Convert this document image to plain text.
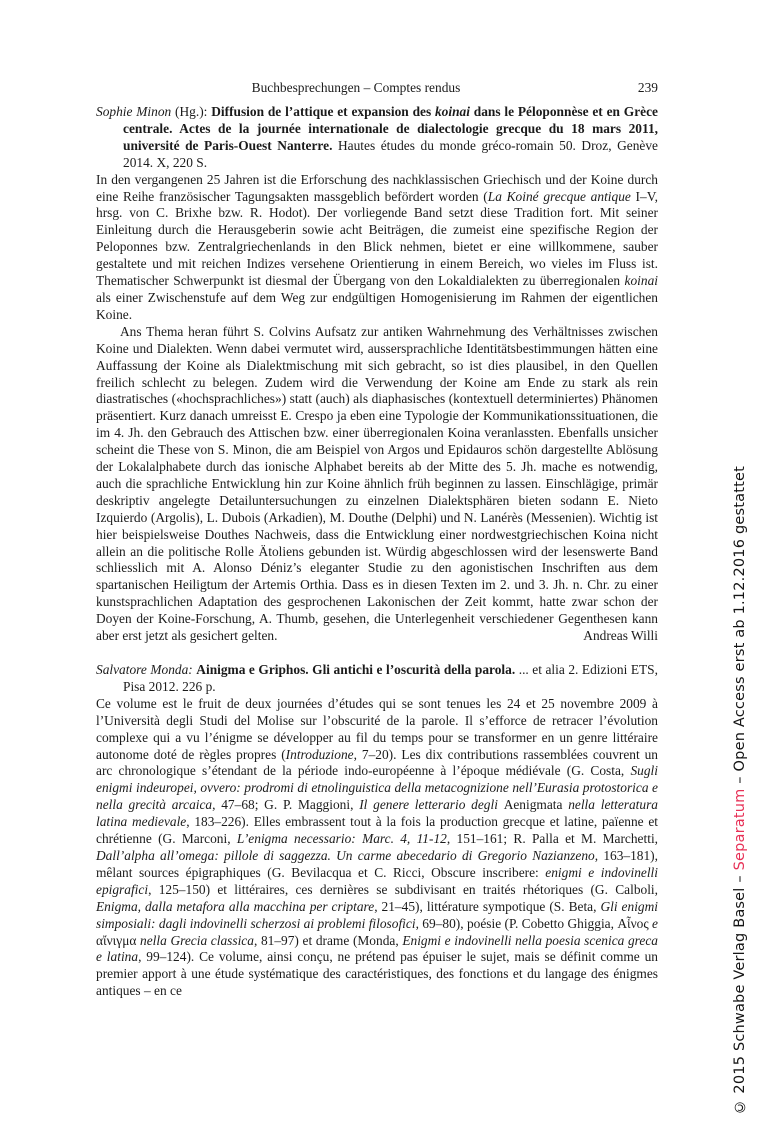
Buchbesprechungen – Comptes rendus	239
Sophie Minon (Hg.): Diffusion de l’attique et expansion des koinai dans le Péloponnèse et en Grèce centrale. Actes de la journée internationale de dialectologie grecque du 18 mars 2011, université de Paris-Ouest Nanterre. Hautes études du monde gréco-romain 50. Droz, Genève 2014. X, 220 S.

In den vergangenen 25 Jahren ist die Erforschung des nachklassischen Griechisch und der Koine durch eine Reihe französischer Tagungsakten massgeblich befördert worden (La Koiné grecque antique I–V, hrsg. von C. Brixhe bzw. R. Hodot). Der vorliegende Band setzt diese Tradition fort. Mit seiner Einleitung durch die Herausgeberin sowie acht Beiträgen, die zumeist eine spezifische Region der Peloponnes bzw. Zentralgriechenlands in den Blick nehmen, bietet er eine willkommene, sauber gestaltete und mit reichen Indizes versehene Orientierung in einem Bereich, wo vieles im Fluss ist. Thematischer Schwerpunkt ist diesmal der Übergang von den Lokaldialekten zu überregionalen koinai als einer Zwischenstufe auf dem Weg zur endgültigen Homogenisierung im Rahmen der eigentlichen Koine.

Ans Thema heran führt S. Colvins Aufsatz zur antiken Wahrnehmung des Verhältnisses zwischen Koine und Dialekten. Wenn dabei vermutet wird, aussersprachliche Identitätsbestimmungen hätten eine Auffassung der Koine als Dialektmischung mit sich gebracht, so ist dies plausibel, in den Quellen freilich schlecht zu belegen. Zudem wird die Verwendung der Koine am Ende zu stark als rein diastratisches («hochsprachliches») statt (auch) als diaphasisches (kontextuell determiniertes) Phänomen präsentiert. Kurz danach umreisst E. Crespo ja eben eine Typologie der Kommunikationssituationen, die im 4. Jh. den Gebrauch des Attischen bzw. einer überregionalen Koina veranlassten. Ebenfalls unsicher scheint die These von S. Minon, die am Beispiel von Argos und Epidauros schön dargestellte Ablösung der Lokalalphabete durch das ionische Alphabet bereits ab der Mitte des 5. Jh. mache es notwendig, auch die sprachliche Entwicklung hin zur Koine ähnlich früh beginnen zu lassen. Einschlägige, primär deskriptiv angelegte Detailuntersuchungen zu einzelnen Dialektsphären bieten sodann E. Nieto Izquierdo (Argolis), L. Dubois (Arkadien), M. Douthe (Delphi) und N. Lanérès (Messenien). Wichtig ist hier beispielsweise Douthes Nachweis, dass die Entwicklung einer nordwestgriechischen Koina nicht allein an die politische Rolle Ätoliens gebunden ist. Würdig abgeschlossen wird der lesenswerte Band schliesslich mit A. Alonso Déniz’s eleganter Studie zu den agonistischen Inschriften aus dem spartanischen Heiligtum der Artemis Orthia. Dass es in diesen Texten im 2. und 3. Jh. n. Chr. zu einer kunstsprachlichen Adaptation des gesprochenen Lakonischen der Zeit kommt, hatte zwar schon der Doyen der Koine-Forschung, A. Thumb, gesehen, die Unterlegenheit verschiedener Gegenthesen kann aber erst jetzt als gesichert gelten.	Andreas Willi

Salvatore Monda: Ainigma e Griphos. Gli antichi e l’oscurità della parola. ... et alia 2. Edizioni ETS, Pisa 2012. 226 p.

Ce volume est le fruit de deux journées d’études qui se sont tenues les 24 et 25 novembre 2009 à l’Università degli Studi del Molise sur l’obscurité de la parole. Il s’efforce de retracer l’évolution complexe qui a vu l’énigme se développer au fil du temps pour se transformer en un genre littéraire autonome doté de règles propres (Introduzione, 7–20). Les dix contributions rassemblées couvrent un arc chronologique s’étendant de la période indo-européenne à l’époque médiévale (G. Costa, Sugli enigmi indeuropei, ovvero: prodromi di etnolinguistica della metacognizione nell’Eurasia protostorica e nella grecità arcaica, 47–68; G. P. Maggioni, Il genere letterario degli Aenigmata nella letteratura latina medievale, 183–226). Elles embrassent tout à la fois la production grecque et latine, païenne et chrétienne (G. Marconi, L’enigma necessario: Marc. 4, 11-12, 151–161; R. Palla et M. Marchetti, Dall’alpha all’omega: pillole di saggezza. Un carme abecedario di Gregorio Nazianzeno, 163–181), mêlant sources épigraphiques (G. Bevilacqua et C. Ricci, Obscure inscribere: enigmi e indovinelli epigrafici, 125–150) et littéraires, ces dernières se subdivisant en traités rhétoriques (G. Calboli, Enigma, dalla metafora alla macchina per criptare, 21–45), littérature sympotique (S. Beta, Gli enigmi simposiali: dagli indovinelli scherzosi ai problemi filosofici, 69–80), poésie (P. Cobetto Ghiggia, Αἶνος e αἴνιγμα nella Grecia classica, 81–97) et drame (Monda, Enigmi e indovinelli nella poesia scenica greca e latina, 99–124). Ce volume, ainsi conçu, ne prétend pas épuiser le sujet, mais se définit comme un premier apport à une étude systématique des caractéristiques, des fonctions et du langage des énigmes antiques – en ce	© 2015 Schwabe Verlag Basel – Separatum – Open Access erst ab 1.12.2016 gestattet
